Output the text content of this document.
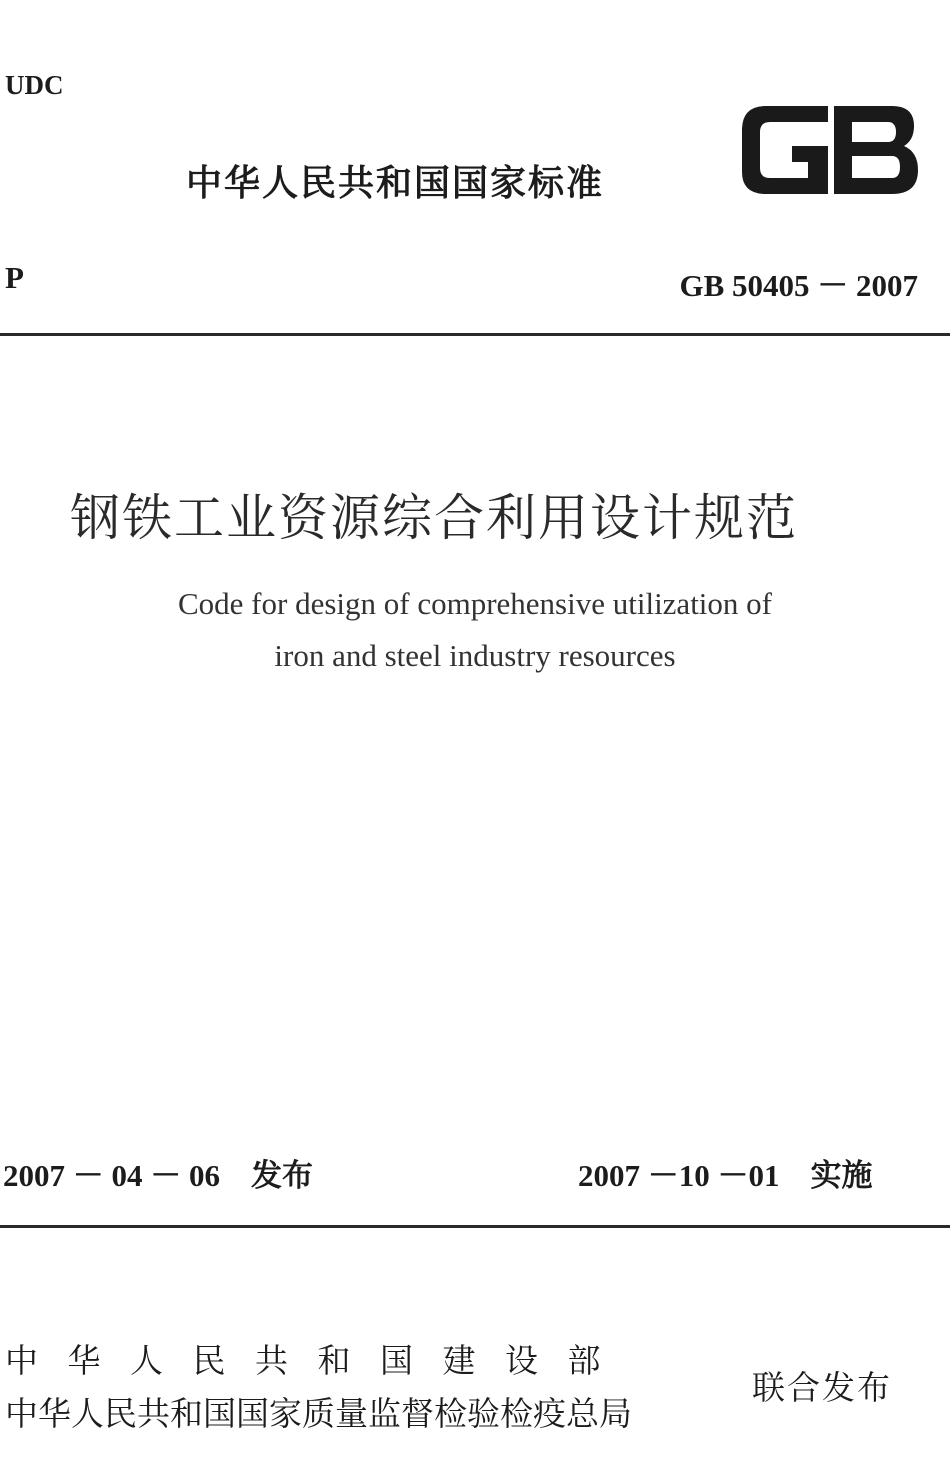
UDC
中华人民共和国国家标准
P	GB 50405 － 2007
钢铁工业资源综合利用设计规范
Code for design of comprehensive utilization of
iron and steel industry resources
2007 － 04 － 06　发布	2007 －10 －01　实施
中华人民共和国建设部
中华人民共和国国家质量监督检验检疫总局
联合发布
